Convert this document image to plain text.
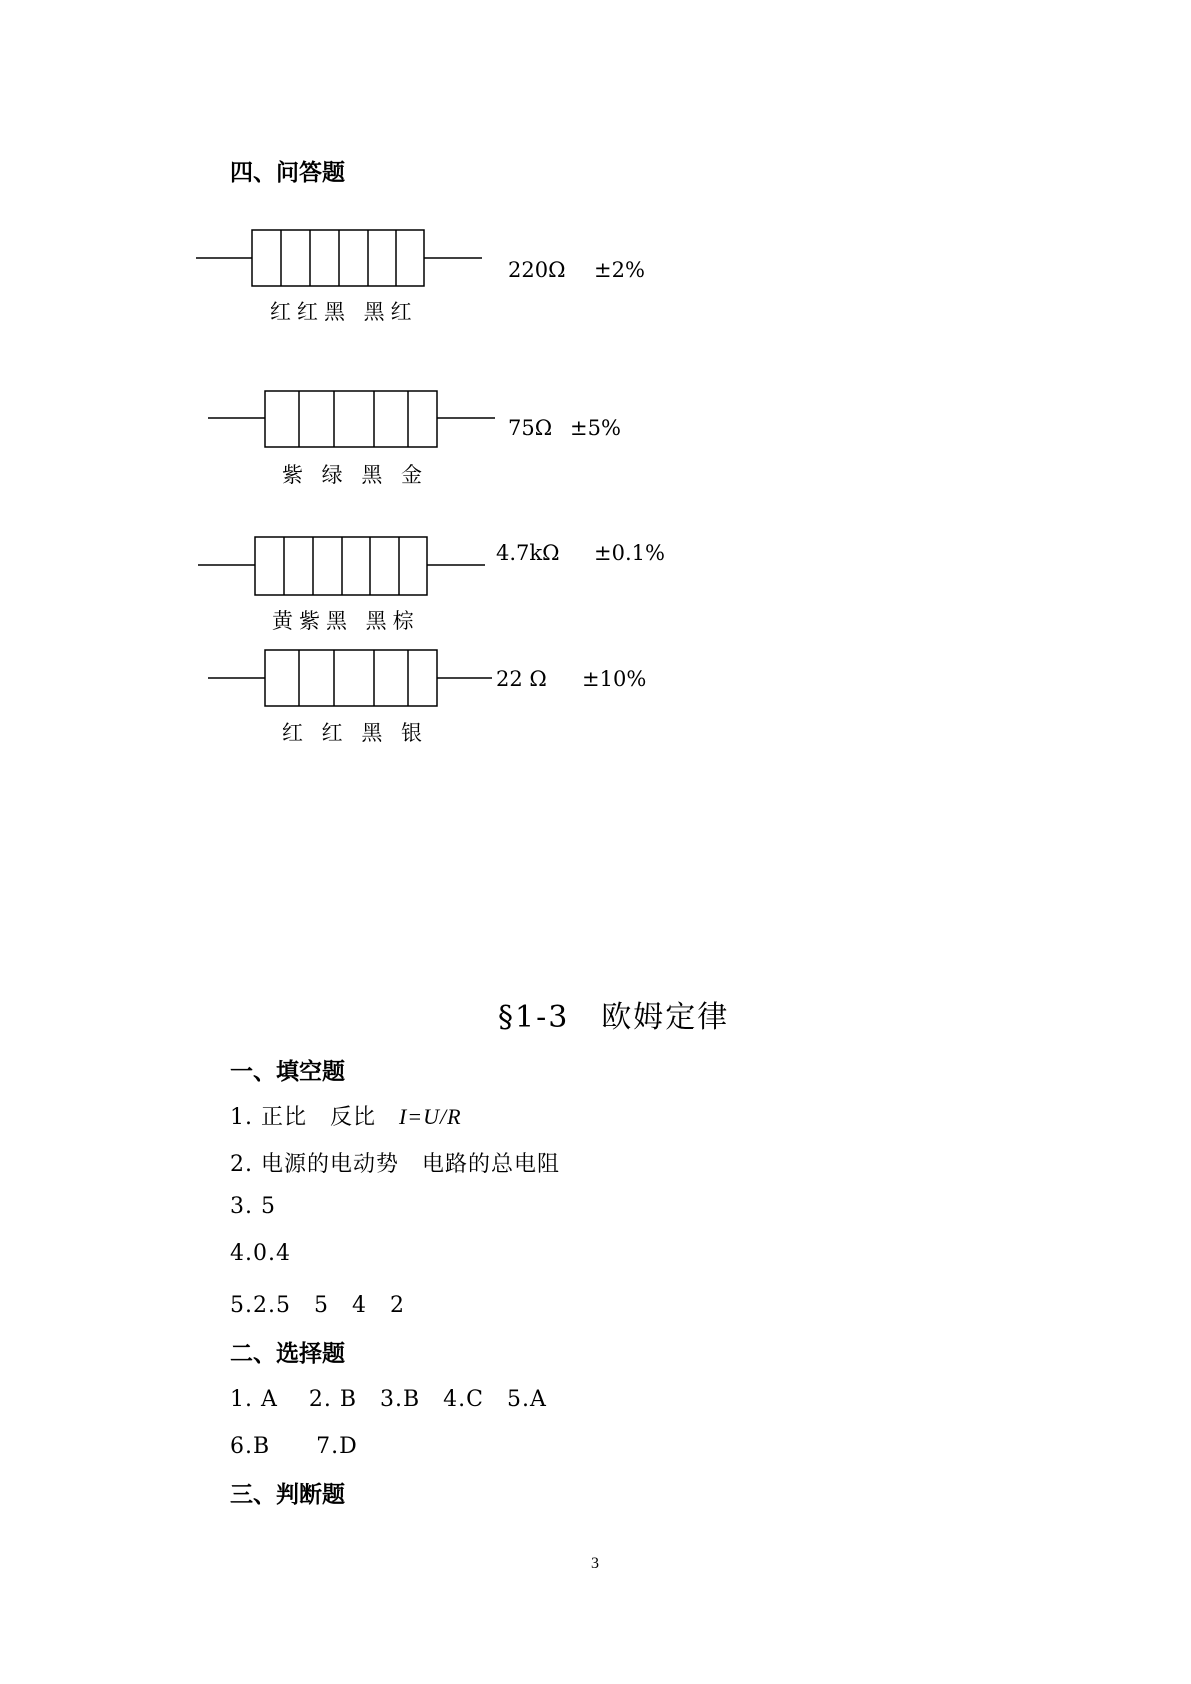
四、问答题
红红黑 黑红
220Ω ±2%
紫 绿 黑 金
75Ω ±5%
黄紫黑 黑棕
4.7kΩ ±0.1%
红 红 黑 银
22 Ω ±10%
§1-3　欧姆定律
一、填空题
1. 正比　反比　I=U/R
2. 电源的电动势　电路的总电阻
3. 5
4.0.4
5.2.5　5　4　2
二、选择题
1. A　 2. B　3.B　4.C　5.A
6.B　　7.D
三、判断题
3
